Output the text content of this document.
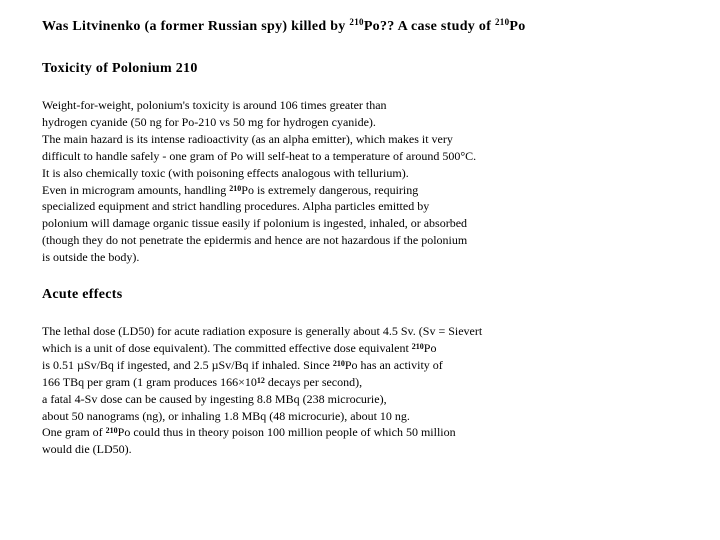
Was Litvinenko (a former Russian spy) killed by $^{210}$Po?? A case study of $^{210}$Po
Toxicity of Polonium 210
Weight-for-weight, polonium's toxicity is around 106 times greater than
hydrogen cyanide (50 ng for Po-210 vs 50 mg for hydrogen cyanide).
The main hazard is its intense radioactivity (as an alpha emitter), which makes it very
difficult to handle safely - one gram of Po will self-heat to a temperature of around 500°C.
It is also chemically toxic (with poisoning effects analogous with tellurium).
Even in microgram amounts, handling $^{210}$Po is extremely dangerous, requiring
specialized equipment and strict handling procedures. Alpha particles emitted by
polonium will damage organic tissue easily if polonium is ingested, inhaled, or absorbed
(though they do not penetrate the epidermis and hence are not hazardous if the polonium
is outside the body).
Acute effects
The lethal dose (LD50) for acute radiation exposure is generally about 4.5 Sv. (Sv = Sievert
which is a unit of dose equivalent). The committed effective dose equivalent $^{210}$Po
is 0.51 µSv/Bq if ingested, and 2.5 µSv/Bq if inhaled. Since $^{210}$Po has an activity of
166 TBq per gram (1 gram produces $166\times 10^{12}$ decays per second),
a fatal 4-Sv dose can be caused by ingesting 8.8 MBq (238 microcurie),
about 50 nanograms (ng), or inhaling 1.8 MBq (48 microcurie), about 10 ng.
One gram of $^{210}$Po could thus in theory poison 100 million people of which 50 million
would die (LD50).
